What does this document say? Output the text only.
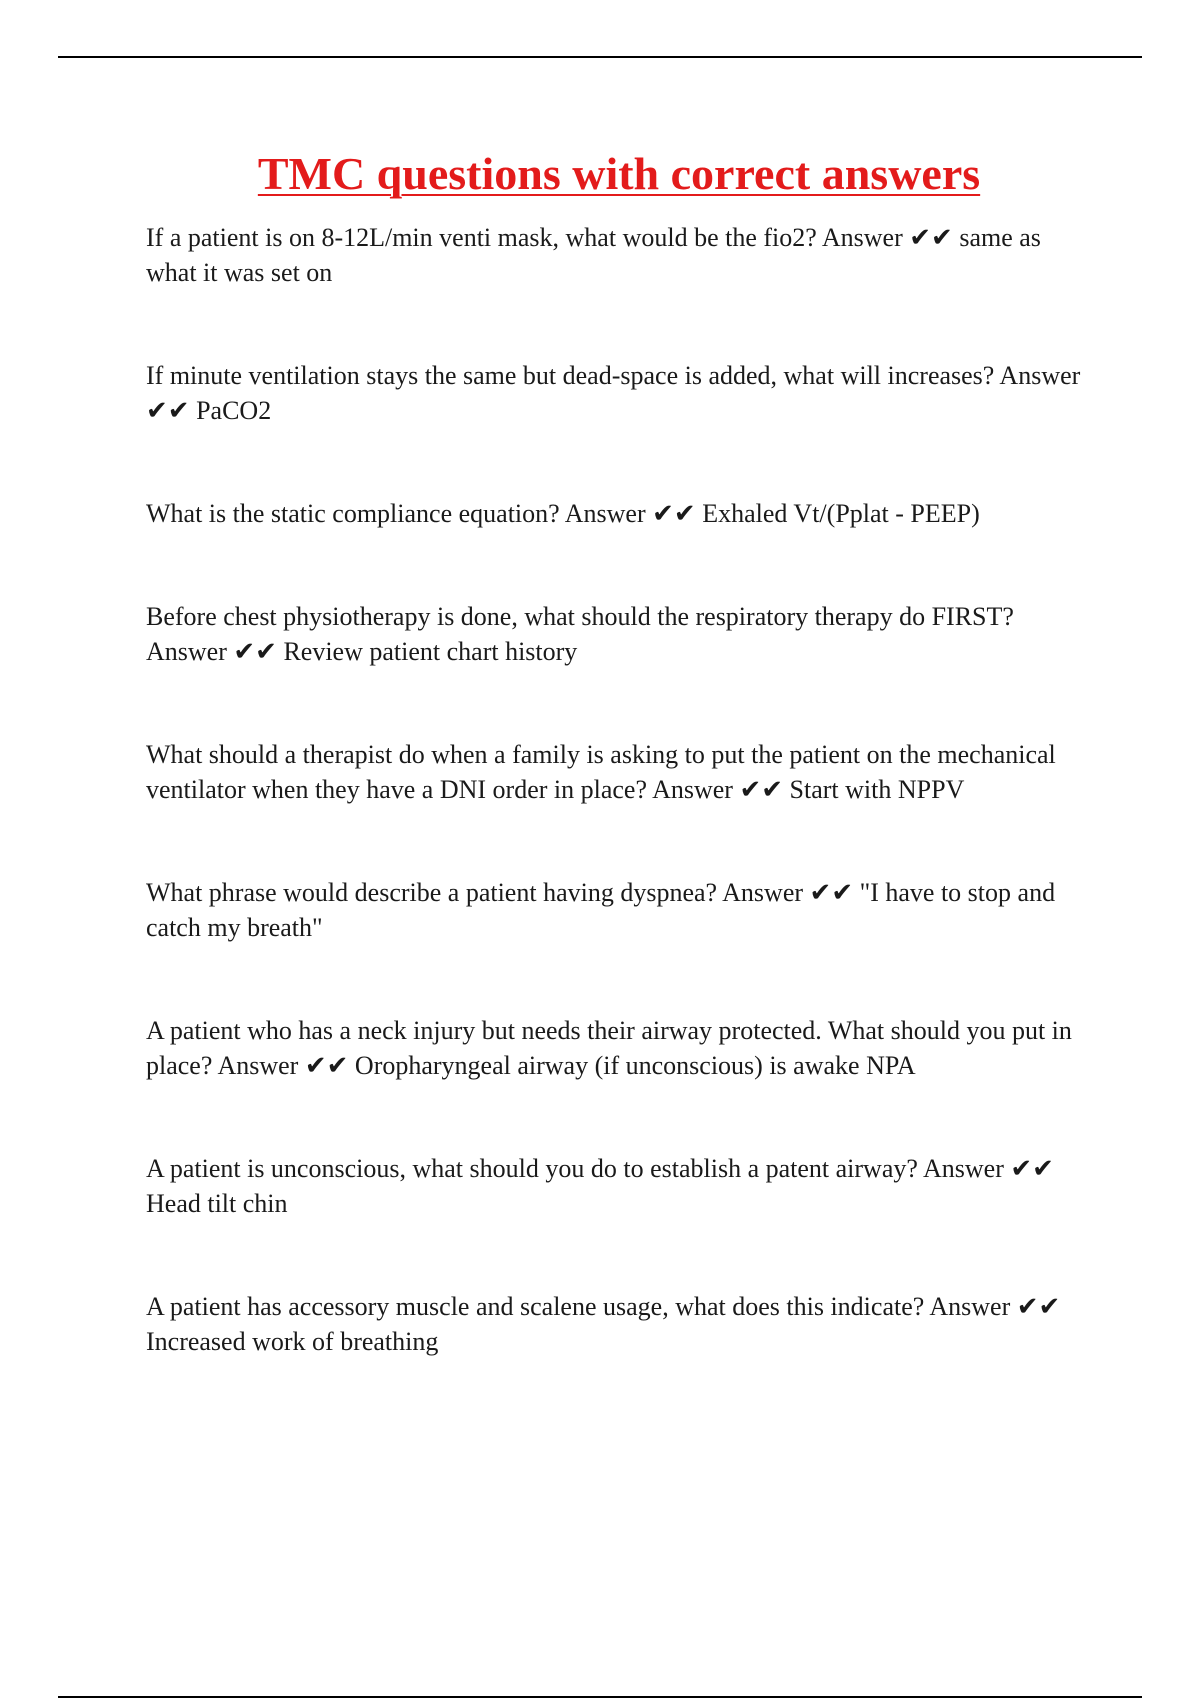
TMC questions with correct answers

If a patient is on 8-12L/min venti mask, what would be the fio2? Answer ✔✔ same as what it was set on

If minute ventilation stays the same but dead-space is added, what will increases? Answer ✔✔ PaCO2

What is the static compliance equation? Answer ✔✔ Exhaled Vt/(Pplat - PEEP)

Before chest physiotherapy is done, what should the respiratory therapy do FIRST? Answer ✔✔ Review patient chart history

What should a therapist do when a family is asking to put the patient on the mechanical ventilator when they have a DNI order in place? Answer ✔✔ Start with NPPV

What phrase would describe a patient having dyspnea? Answer ✔✔ "I have to stop and catch my breath"

A patient who has a neck injury but needs their airway protected. What should you put in place? Answer ✔✔ Oropharyngeal airway (if unconscious) is awake NPA

A patient is unconscious, what should you do to establish a patent airway? Answer ✔✔ Head tilt chin

A patient has accessory muscle and scalene usage, what does this indicate? Answer ✔✔ Increased work of breathing
